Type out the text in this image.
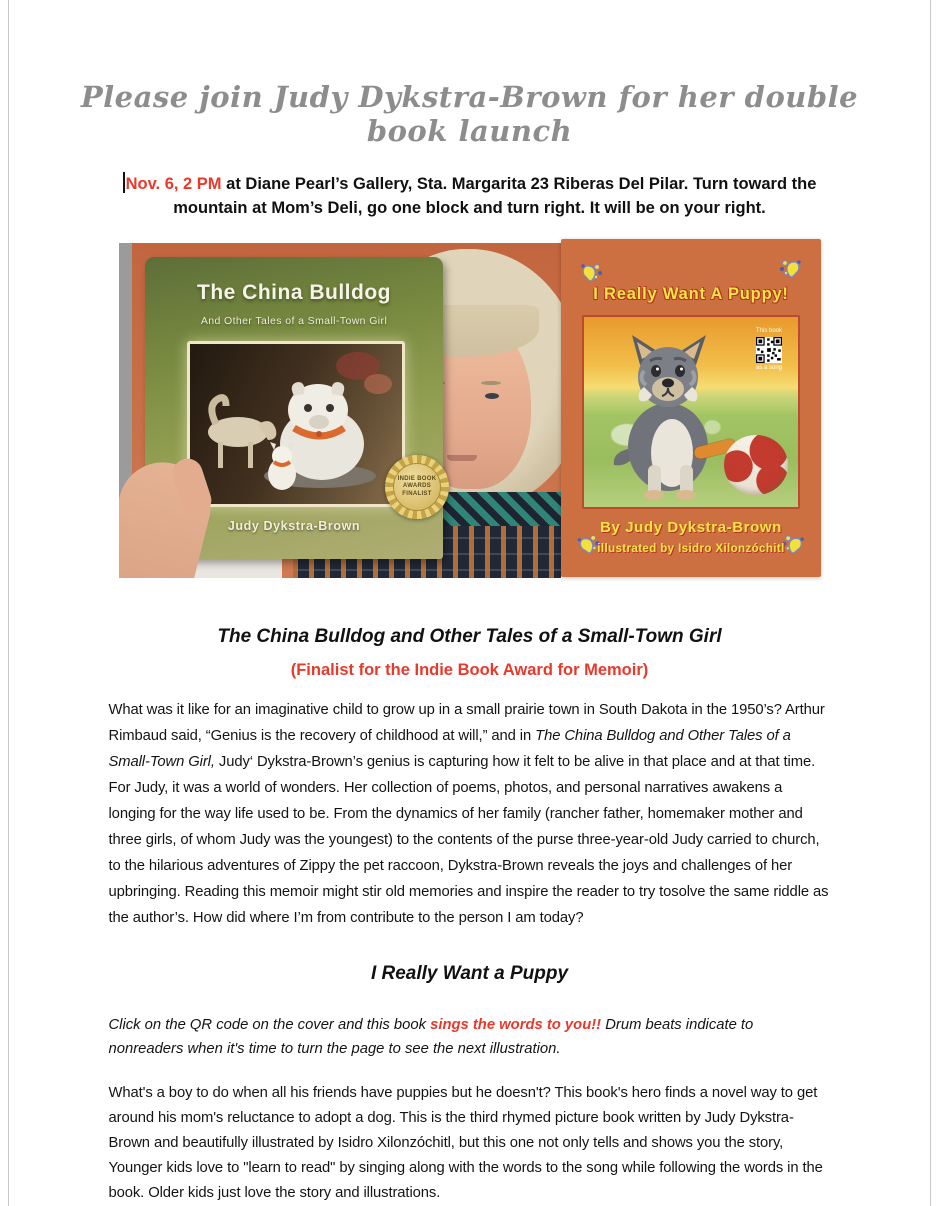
Please join Judy Dykstra-Brown for her double book launch

Nov. 6, 2 PM at Diane Pearl’s Gallery, Sta. Margarita 23 Riberas Del Pilar. Turn toward the mountain at Mom’s Deli, go one block and turn right. It will be on your right.

The China Bulldog
And Other Tales of a Small-Town Girl
Judy Dykstra-Brown
INDIE BOOK AWARDS FINALIST
I Really Want A Puppy!
This book
as a song
By Judy Dykstra-Brown
illustrated by Isidro Xilonzóchitl
The China Bulldog and Other Tales of a Small-Town Girl
(Finalist for the Indie Book Award for Memoir)

What was it like for an imaginative child to grow up in a small prairie town in South Dakota in the 1950’s? Arthur Rimbaud said, “Genius is the recovery of childhood at will,” and in The China Bulldog and Other Tales of a Small-Town Girl, Judy‘ Dykstra-Brown’s genius is capturing how it felt to be alive in that place and at that time. For Judy, it was a world of wonders. Her collection of poems, photos, and personal narratives awakens a longing for the way life used to be. From the dynamics of her family (rancher father, homemaker mother and three girls, of whom Judy was the youngest) to the contents of the purse three-year-old Judy carried to church, to the hilarious adventures of Zippy the pet raccoon, Dykstra-Brown reveals the joys and challenges of her upbringing. Reading this memoir might stir old memories and inspire the reader to try tosolve the same riddle as the author’s. How did where I’m from contribute to the person I am today?

I Really Want a Puppy

Click on the QR code on the cover and this book sings the words to you!! Drum beats indicate to nonreaders when it's time to turn the page to see the next illustration.

What's a boy to do when all his friends have puppies but he doesn't? This book's hero finds a novel way to get around his mom's reluctance to adopt a dog. This is the third rhymed picture book written by Judy Dykstra-Brown and beautifully illustrated by Isidro Xilonzóchitl, but this one not only tells and shows you the story, Younger kids love to "learn to read" by singing along with the words to the song while following the words in the book. Older kids just love the story and illustrations.
